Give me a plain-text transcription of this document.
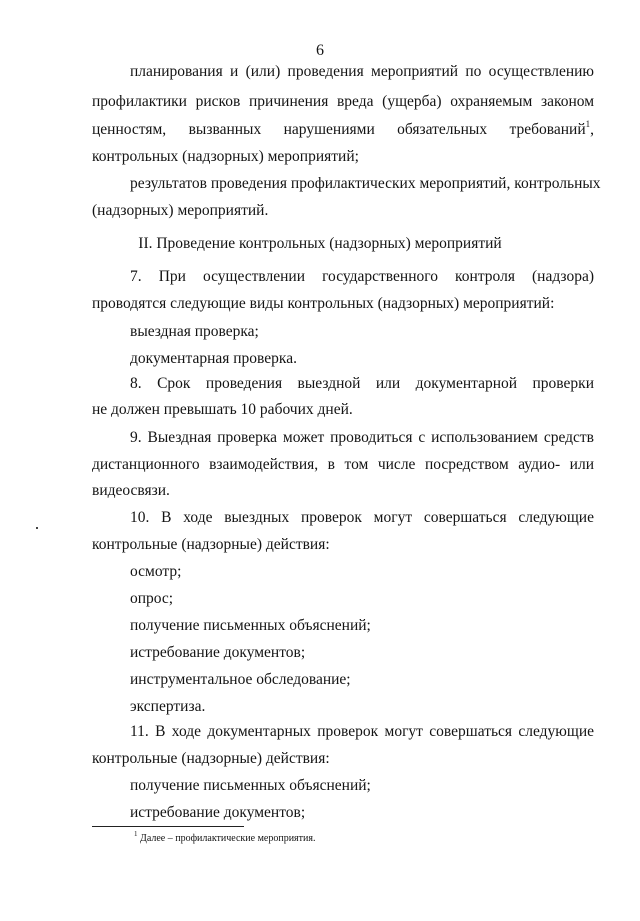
6
планирования и (или) проведения мероприятий по осуществлению
профилактики рисков причинения вреда (ущерба) охраняемым законом
ценностям, вызванных нарушениями обязательных требований$^1$,
контрольных (надзорных) мероприятий;
результатов проведения профилактических мероприятий, контрольных
(надзорных) мероприятий.
II. Проведение контрольных (надзорных) мероприятий
7. При осуществлении государственного контроля (надзора)
проводятся следующие виды контрольных (надзорных) мероприятий:
выездная проверка;
документарная проверка.
8. Срок проведения выездной или документарной проверки
не должен превышать 10 рабочих дней.
9. Выездная проверка может проводиться с использованием средств
дистанционного взаимодействия, в том числе посредством аудио- или
видеосвязи.
10. В ходе выездных проверок могут совершаться следующие
контрольные (надзорные) действия:
осмотр;
опрос;
получение письменных объяснений;
истребование документов;
инструментальное обследование;
экспертиза.
11. В ходе документарных проверок могут совершаться следующие
контрольные (надзорные) действия:
получение письменных объяснений;
истребование документов;
$^1$ Далее – профилактические мероприятия.
